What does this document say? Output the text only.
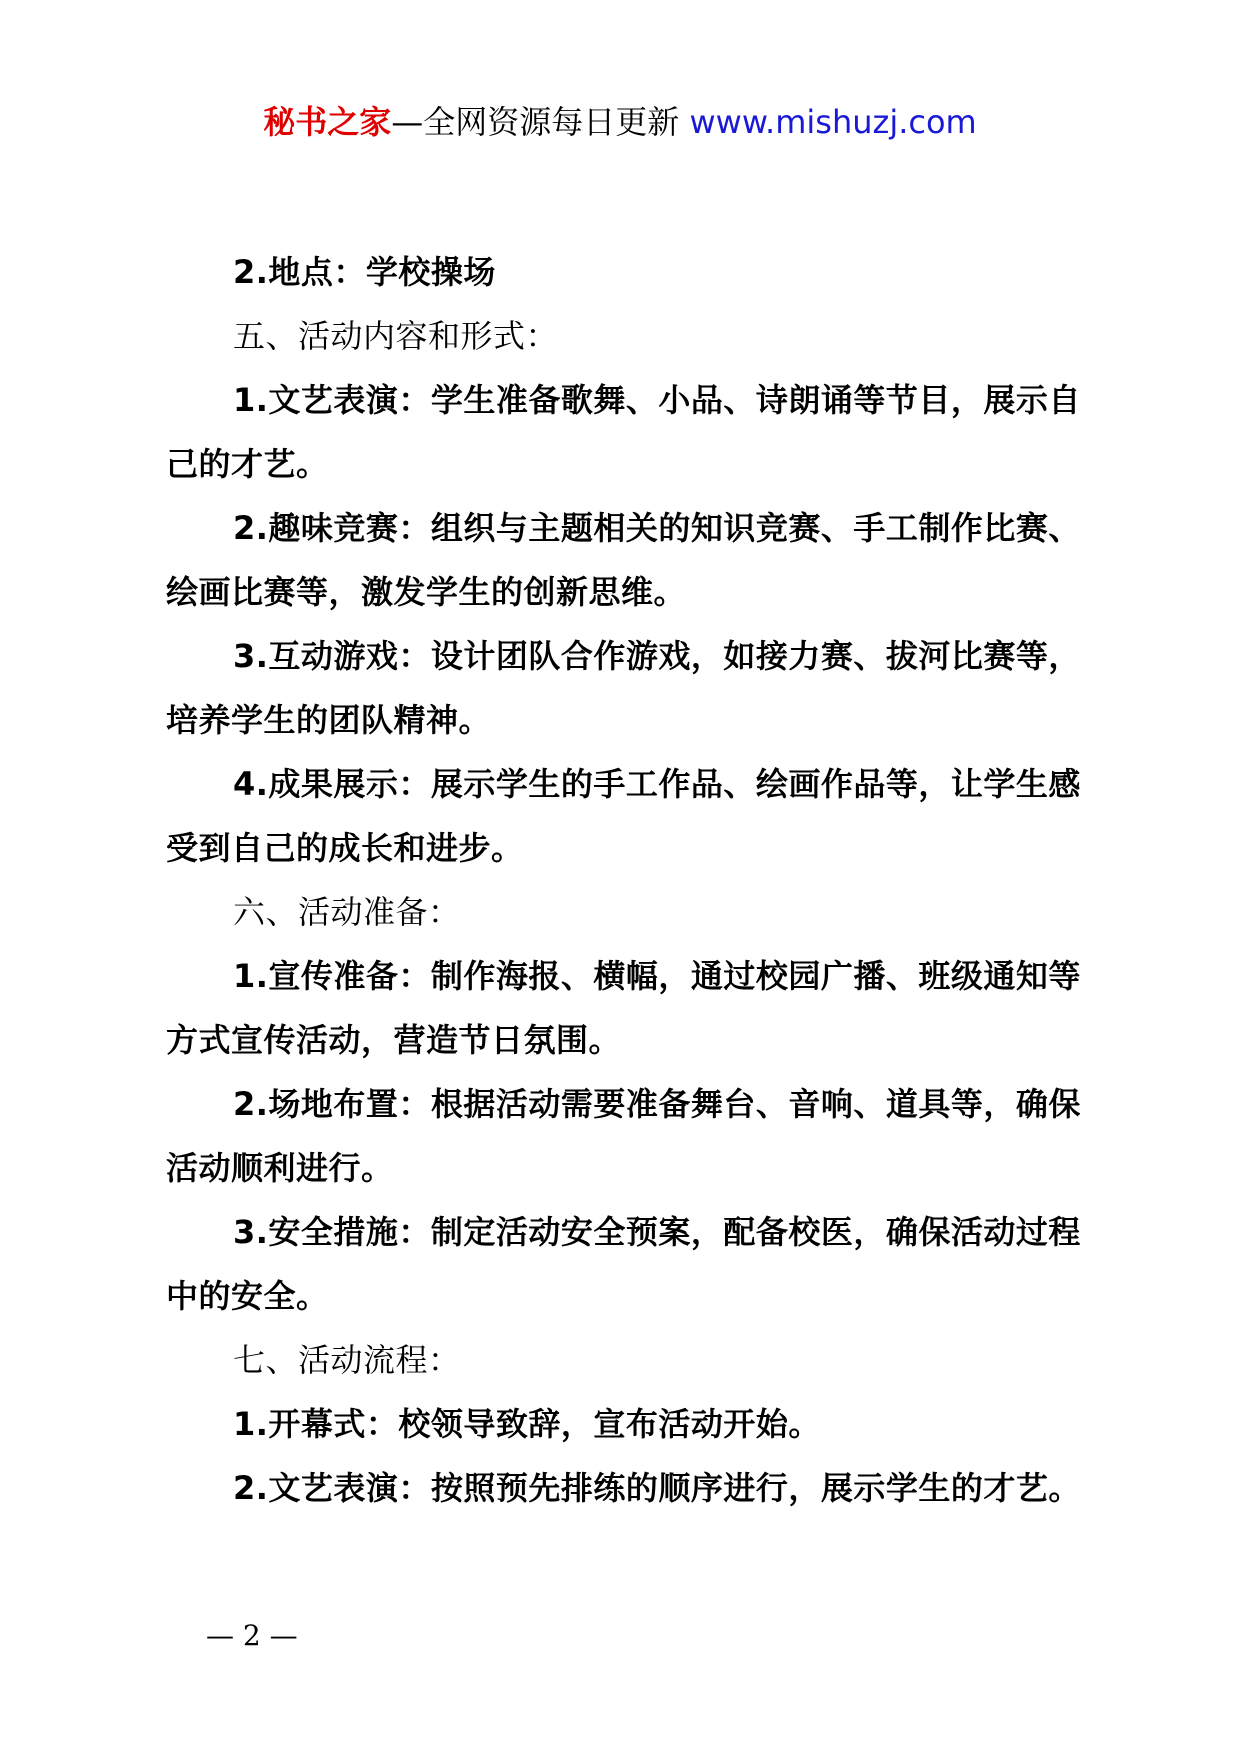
秘书之家—全网资源每日更新 www.mishuzj.com

2.地点：学校操场

五、活动内容和形式：

1.文艺表演：学生准备歌舞、小品、诗朗诵等节目，展示自己的才艺。

2.趣味竞赛：组织与主题相关的知识竞赛、手工制作比赛、绘画比赛等，激发学生的创新思维。

3.互动游戏：设计团队合作游戏，如接力赛、拔河比赛等，培养学生的团队精神。

4.成果展示：展示学生的手工作品、绘画作品等，让学生感受到自己的成长和进步。

六、活动准备：

1.宣传准备：制作海报、横幅，通过校园广播、班级通知等方式宣传活动，营造节日氛围。

2.场地布置：根据活动需要准备舞台、音响、道具等，确保活动顺利进行。

3.安全措施：制定活动安全预案，配备校医，确保活动过程中的安全。

七、活动流程：

1.开幕式：校领导致辞，宣布活动开始。

2.文艺表演：按照预先排练的顺序进行，展示学生的才艺。

— 2 —
